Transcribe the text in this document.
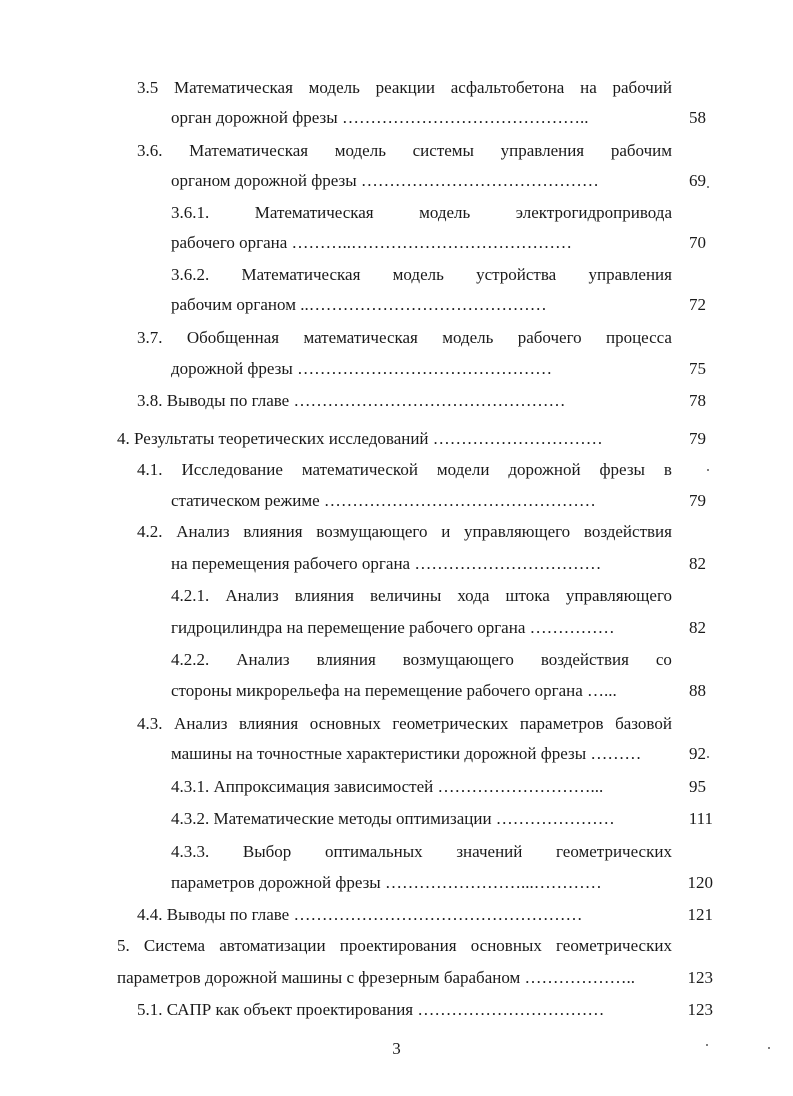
3.5 Математическая модель реакции асфальтобетона на рабочий
орган дорожной фрезы ……………………………………..	58
3.6. Математическая модель системы управления рабочим
органом дорожной фрезы ……………………………………	69
3.6.1.	Математическая	модель	электрогидропривода
рабочего органа ………..…………………………………	70
3.6.2. Математическая модель устройства управления
рабочим органом ..……………………………………	72
3.7. Обобщенная математическая модель рабочего процесса
дорожной фрезы ………………………………………	75
3.8. Выводы по главе …………………………………………	78
4. Результаты теоретических исследований …………………………	79
4.1. Исследование математической модели дорожной фрезы в
статическом режиме …………………………………………	79
4.2. Анализ влияния возмущающего и управляющего воздействия
на перемещения рабочего органа ……………………………	82
4.2.1. Анализ влияния величины хода штока управляющего
гидроцилиндра на перемещение рабочего органа ……………	82
4.2.2. Анализ влияния возмущающего воздействия со
стороны микрорельефа на перемещение рабочего органа …...	88
4.3. Анализ влияния основных геометрических параметров базовой
машины на точностные характеристики дорожной фрезы ………	92
4.3.1. Аппроксимация зависимостей ………………………...	95
4.3.2. Математические методы оптимизации …………………	111
4.3.3. Выбор оптимальных значений геометрических
параметров дорожной фрезы ……………………...…………	120
4.4. Выводы по главе ……………………………………………	121
5. Система автоматизации проектирования основных геометрических
параметров дорожной машины с фрезерным барабаном ………………..	123
5.1. САПР как объект проектирования ……………………………	123
3
